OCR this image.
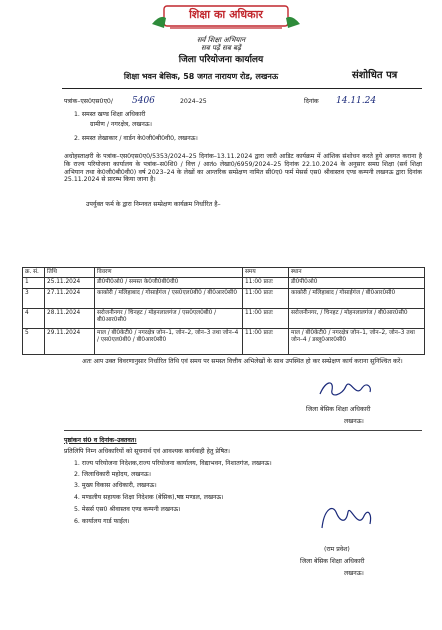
शिक्षा का अधिकार
सर्व शिक्षा अभियान
सब पढ़ें सब बढ़ें
जिला परियोजना कार्यालय
शिक्षा भवन बेसिक, 58 जगत नारायण रोड, लखनऊ	संशोधित पत्र
पत्रांक–एस0एस0ए0/ 5406	2024–25	दिनांक 14.11.24
1. समस्त खण्ड शिक्षा अधिकारी
ग्रामीण / नगरक्षेत्र, लखनऊ।
2. समस्त लेखाकार / वार्डन के0जी0बी0वी0, लखनऊ।
अधोहस्ताक्षरी के पत्रांक–एस0एस0ए0/5353/2024–25 दिनांक–13.11.2024 द्वारा जारी आडिट कार्यक्रम में आंशिक संशोधन करते हुये अवगत कराना है कि राज्य परियोजना कार्यालय के पत्रांक–स0शि0 / वित्त / आतंo लेखा0/6959/2024–25 दिनांक 22.10.2024 के अनुसार समग्र शिक्षा (सर्व शिक्षा अभियान तथा के0जी0बी0वी0) वर्ष 2023–24 के लेखों का आन्तरिक सम्प्रेक्षण नामित सी0ए0 फर्म मेसर्स एस0 श्रीवास्तव एण्ड कम्पनी लखनऊ द्वारा दिनांक 25.11.2024 से प्रारम्भ किया जाना है।
उपर्युक्त फर्म के द्वारा निम्नवत सम्प्रेक्षण कार्यक्रम निर्धारित है–
क्र. सं.	तिथि	विवरण	समय	स्थान
1	25.11.2024	डी0पी0ओ0 / समस्त के0जी0बी0वी0	11:00 प्रातः	डी0पी0ओ0
3	27.11.2024	काकोरी / मलिहाबाद / गोसाईगंज / एस0एल0बी0 / बी0आर0सी0	11:00 प्रातः	काकोरी / मलिहाबाद / गोसाईगंज / बी0आर0सी0
4	28.11.2024	सरोजनीनगर / चिनहट / मोहनलालगंज / एस0एल0बी0 / बी0आर0सी0	11:00 प्रातः	सरोजनीनगर, / चिनहट / मोहनलालगंज / बी0आर0सी0
5	29.11.2024	माल / बी0केटी0 / नगरक्षेत्र जोन–1, जोन–2, जोन–3 तथा जोन–4 / एस0एल0बी0 / बी0आर0सी0	11:00 प्रातः	माल / बी0केटी0 / नगरक्षेत्र जोन–1, जोन–2, जोन–3 तथा जोन–4 / डब्लू0आर0सी0
अतः आप उक्त विवरणानुसार निर्धारित तिथि एवं समय पर समस्त वित्तीय अभिलेखों के साथ उपस्थित हो कर सम्प्रेक्षण कार्य कराना सुनिश्चित करें।
जिला बेसिक शिक्षा अधिकारी
लखनऊ।
पृष्ठांकन सं0 व दिनांक–उक्तवत।
प्रतिलिपि निम्न अधिकारियों को सूचनार्थ एवं आवश्यक कार्यवाही हेतु प्रेषित।
1. राज्य परियोजना निदेशक,राज्य परियोजना कार्यालय, विद्याभवन, निशातगंज, लखनऊ।
2. जिलाधिकारी महोदय, लखनऊ।
3. मुख्य विकास अधिकारी, लखनऊ।
4. मण्डलीय सहायक शिक्षा निदेशक (बेसिक),षष्ठ मण्डल, लखनऊ।
5. मेसर्स एस0 श्रीवास्तव एण्ड कम्पनी लखनऊ।
6. कार्यालय गार्ड फाईल।
(राम प्रवेश)
जिला बेसिक शिक्षा अधिकारी
लखनऊ।
